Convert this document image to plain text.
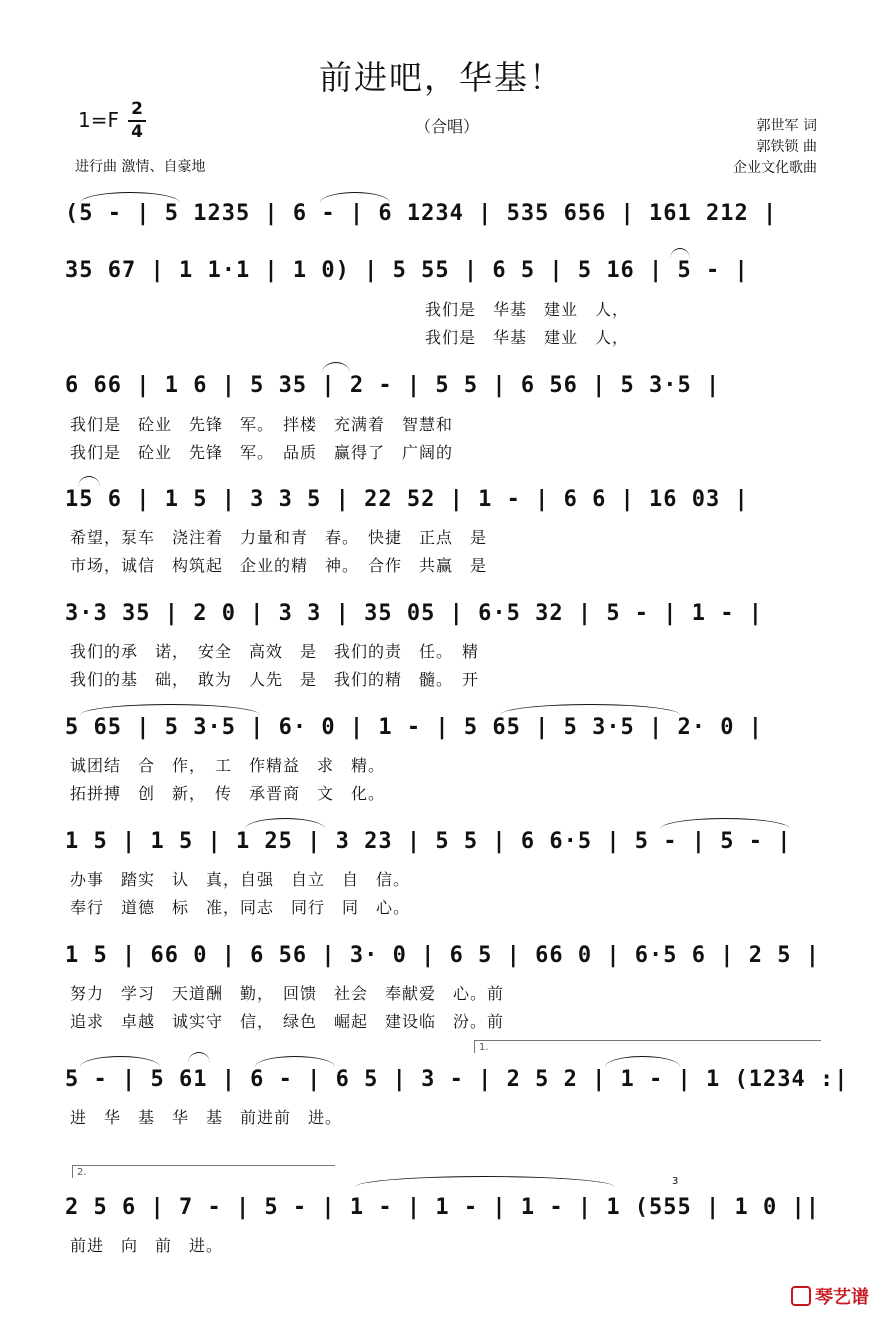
前进吧，华基！
1=F 2
4	（合唱）	郭世军 词
郭铁锁 曲
企业文化歌曲
进行曲 激情、自豪地
(5 - | 5 1235 | 6 - | 6 1234 | 535 656 | 161 212 |
35 67 | 1 1·1 | 1 0) | 5 55 | 6 5 | 5 16 | 5 - |
我们是　华基　建业　人，
我们是　华基　建业　人，
6 66 | 1 6 | 5 35 | 2 - | 5 5 | 6 56 | 5 3·5 |
我们是　砼业　先锋　军。　拌楼　充满着　智慧和
我们是　砼业　先锋　军。　品质　赢得了　广阔的
15 6 | 1 5 | 3 3 5 | 22 52 | 1 - | 6 6 | 16 03 |
希望，泵车　浇注着　力量和青　春。　快捷　正点　是
市场，诚信　构筑起　企业的精　神。　合作　共赢　是
3·3 35 | 2 0 | 3 3 | 35 05 | 6·5 32 | 5 - | 1 - |
我们的承　诺，　安全　高效　是　我们的责　任。　精
我们的基　础，　敢为　人先　是　我们的精　髓。　开
5 65 | 5 3·5 | 6· 0 | 1 - | 5 65 | 5 3·5 | 2· 0 |
诚团结　合　作，　工　作精益　求　精。
拓拼搏　创　新，　传　承晋商　文　化。
1 5 | 1 5 | 1 25 | 3 23 | 5 5 | 6 6·5 | 5 - | 5 - |
办事　踏实　认　真，自强　自立　自　信。
奉行　道德　标　准，同志　同行　同　心。
1 5 | 66 0 | 6 56 | 3· 0 | 6 5 | 66 0 | 6·5 6 | 2 5 |
努力　学习　天道酬　勤，　回馈　社会　奉献爱　心。前
追求　卓越　诚实守　信，　绿色　崛起　建设临　汾。前
1.
5 - | 5 61 | 6 - | 6 5 | 3 - | 2 5 2 | 1 - | 1 (1234 :|
进　华　基　华　基　前进前　进。
2.
3
2 5 6 | 7 - | 5 - | 1 - | 1 - | 1 - | 1 (555 | 1 0 ||
前进　向　前　进。
琴艺谱
